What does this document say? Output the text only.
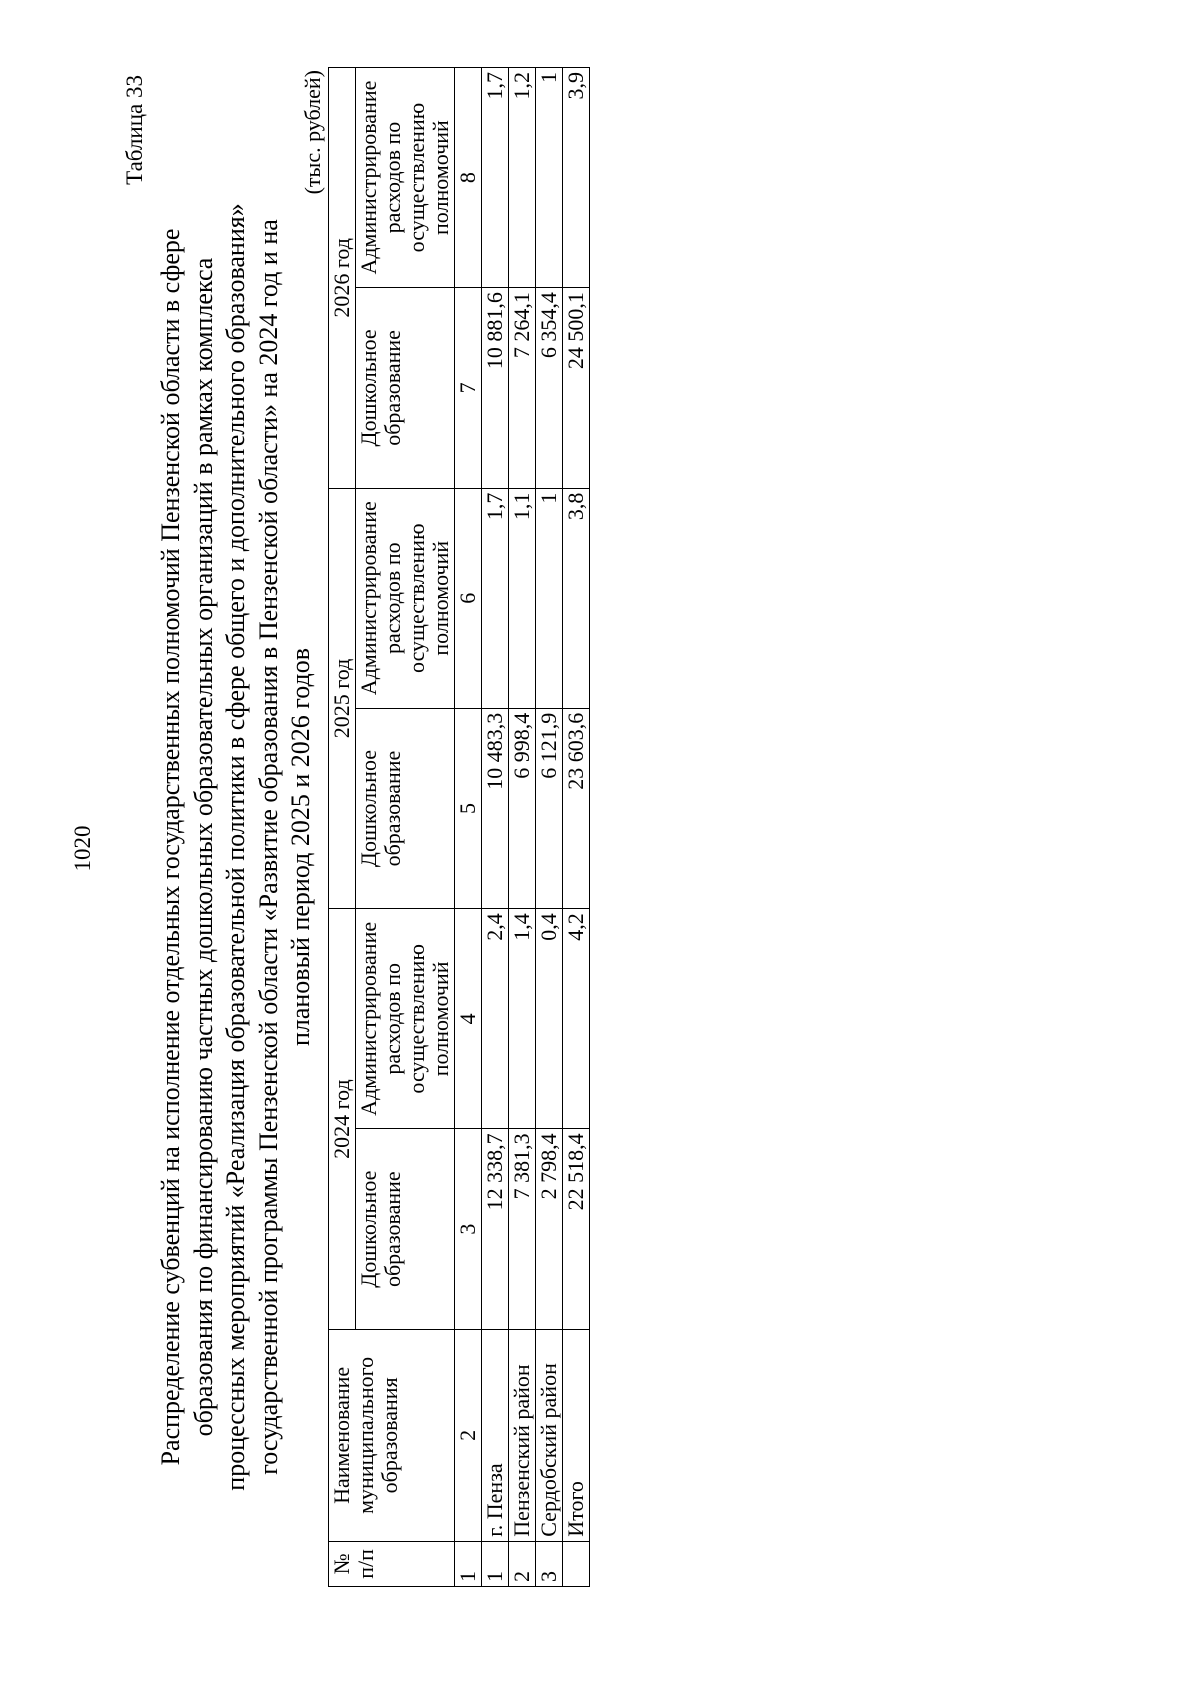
1020
Таблица 33
Распределение субвенций на исполнение отдельных государственных полномочий Пензенской области в сфере образования по финансированию частных дошкольных образовательных организаций в рамках комплекса процессных мероприятий «Реализация образовательной политики в сфере общего и дополнительного образования» государственной программы Пензенской области «Развитие образования в Пензенской области» на 2024 год и на плановый период 2025 и 2026 годов
(тыс. рублей)
№ п/п	Наименование муниципального образования	2024 год		2025 год		2026 год	
		Дошкольное образование	Администрирование расходов по осуществлению полномочий	Дошкольное образование	Администрирование расходов по осуществлению полномочий	Дошкольное образование	Администрирование расходов по осуществлению полномочий
1	2	3	4	5	6	7	8
1	г. Пенза	12 338,7	2,4	10 483,3	1,7	10 881,6	1,7
2	Пензенский район	7 381,3	1,4	6 998,4	1,1	7 264,1	1,2
3	Сердобский район	2 798,4	0,4	6 121,9	1	6 354,4	1
	Итого	22 518,4	4,2	23 603,6	3,8	24 500,1	3,9
